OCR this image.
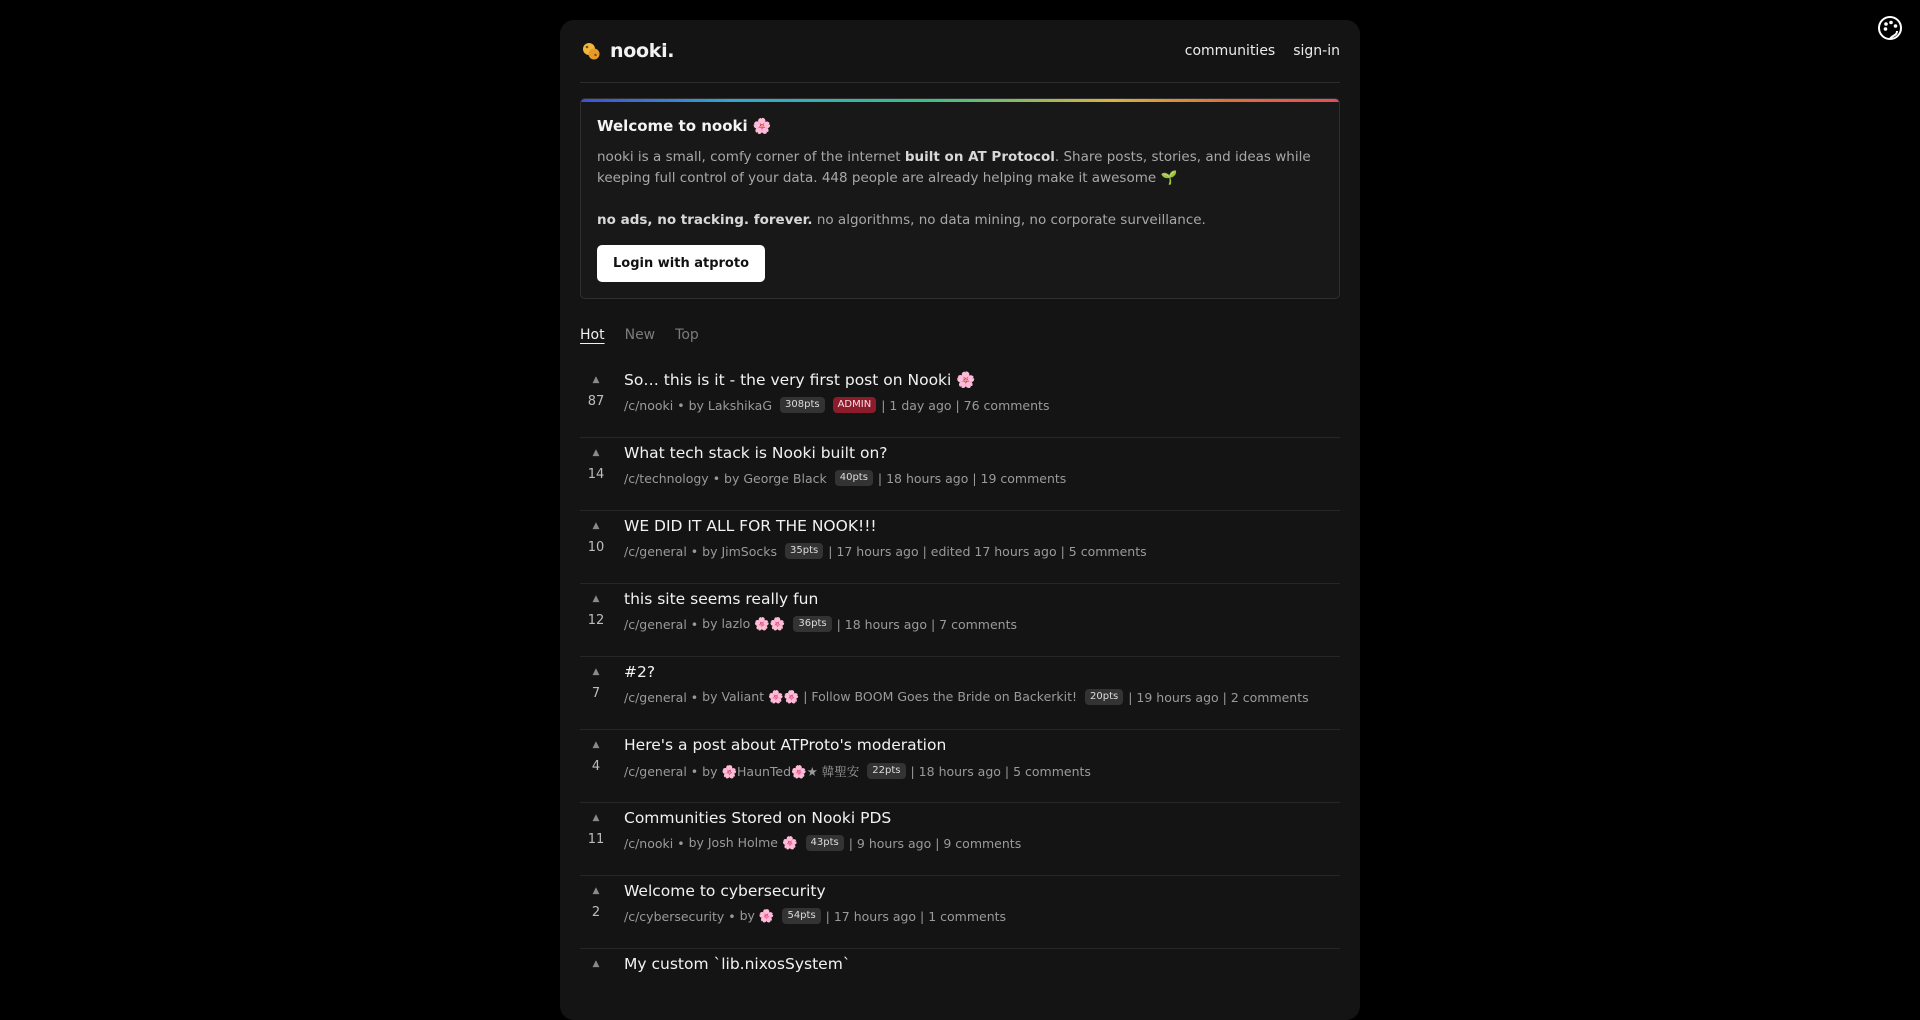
nooki.	communities sign-in
Welcome to nooki 🌸

nooki is a small, comfy corner of the internet built on AT Protocol. Share posts, stories, and ideas while keeping full control of your data. 448 people are already helping make it awesome 🌱

no ads, no tracking. forever. no algorithms, no data mining, no corporate surveillance.

Login with atproto
Hot New Top
▲
87
So… this is it - the very first post on Nooki 🌸
/c/nooki • by LakshikaG	308pts	ADMIN | 1 day ago | 76 comments
▲
14
What tech stack is Nooki built on?
/c/technology • by George Black	40pts | 18 hours ago | 19 comments
▲
10
WE DID IT ALL FOR THE NOOK!!!
/c/general • by JimSocks	35pts | 17 hours ago | edited 17 hours ago | 5 comments
▲
12
this site seems really fun
/c/general • by lazlo 🌸🌸	36pts | 18 hours ago | 7 comments
▲
7
#2?
/c/general • by Valiant 🌸🌸 | Follow BOOM Goes the Bride on Backerkit!	20pts | 19 hours ago | 2 comments
▲
4
Here's a post about ATProto's moderation
/c/general • by 🌸HaunTed🌸★ 韓聖安	22pts | 18 hours ago | 5 comments
▲
11
Communities Stored on Nooki PDS
/c/nooki • by Josh Holme 🌸	43pts | 9 hours ago | 9 comments
▲
2
Welcome to cybersecurity
/c/cybersecurity • by 🌸	54pts | 17 hours ago | 1 comments
▲ My custom `lib.nixosSystem`
